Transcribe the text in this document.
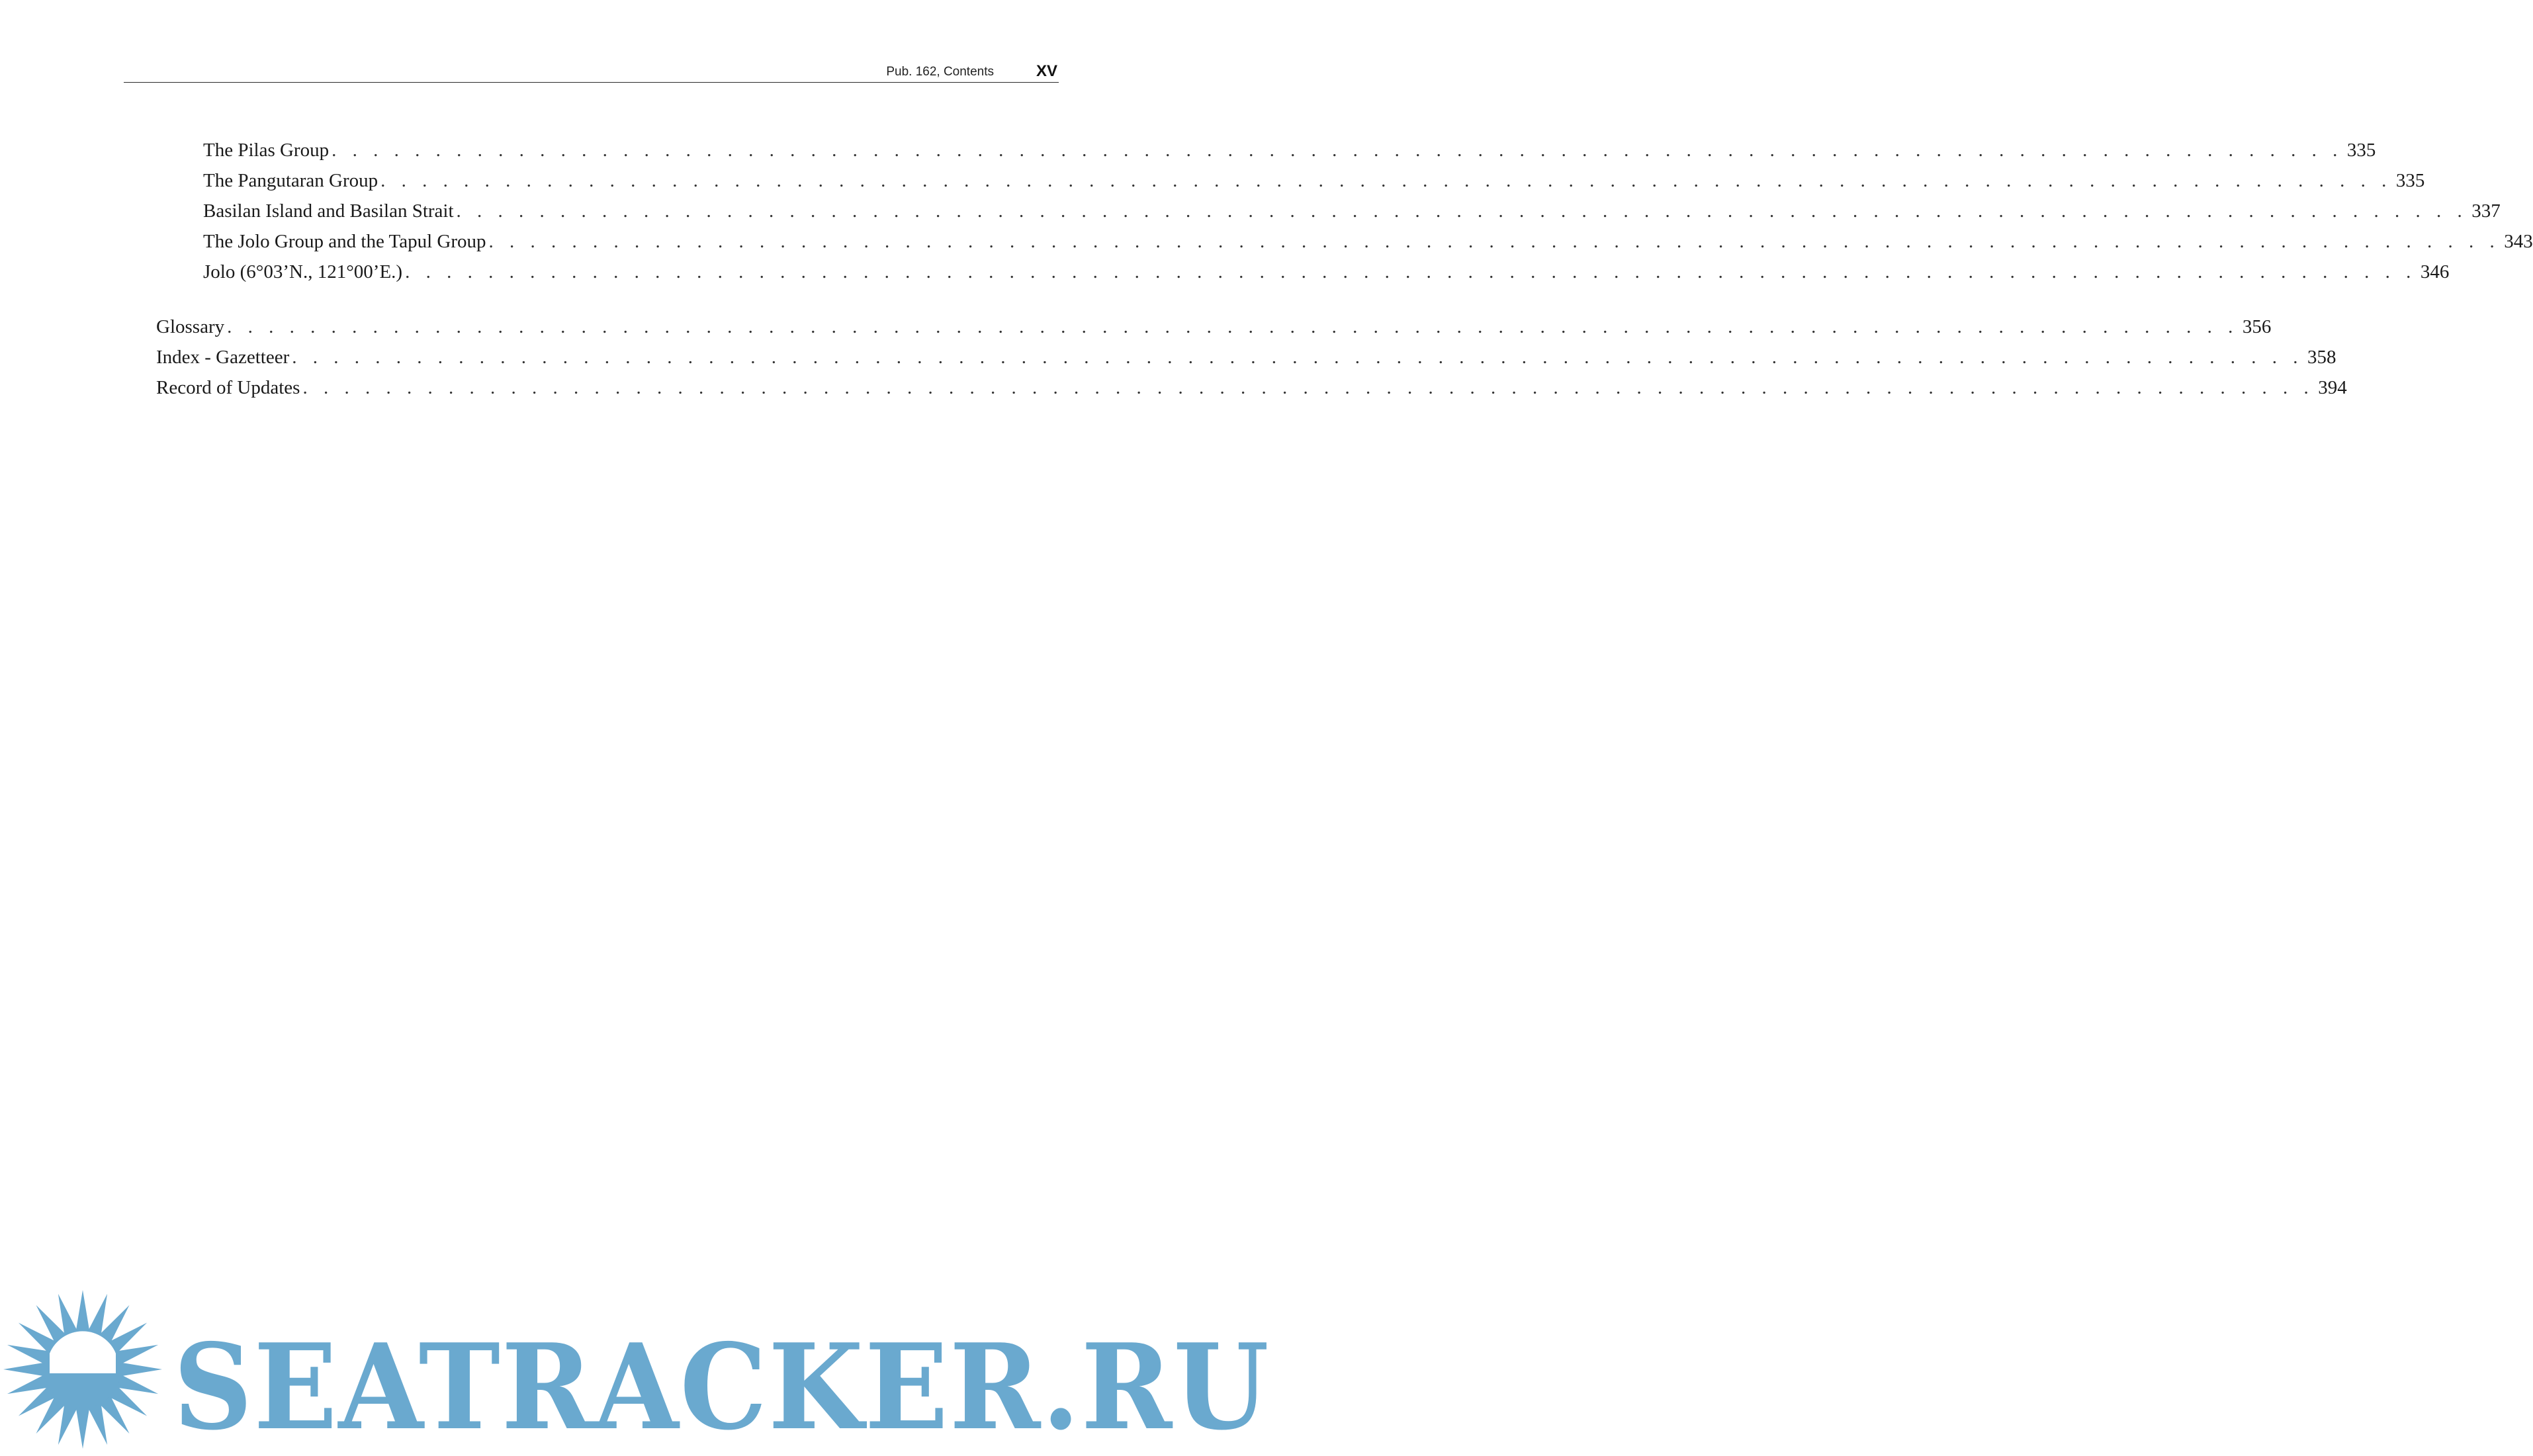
Pub. 162, Contents	XV
The Pilas Group . . .	335
The Pangutaran Group . . .	335
Basilan Island and Basilan Strait . . .	337
The Jolo Group and the Tapul Group . . .	343
Jolo (6°03’N., 121°00’E.) . . .	346
Glossary . . .	356
Index - Gazetteer . . .	358
Record of Updates . . .	394
SEATRACKER.RU
